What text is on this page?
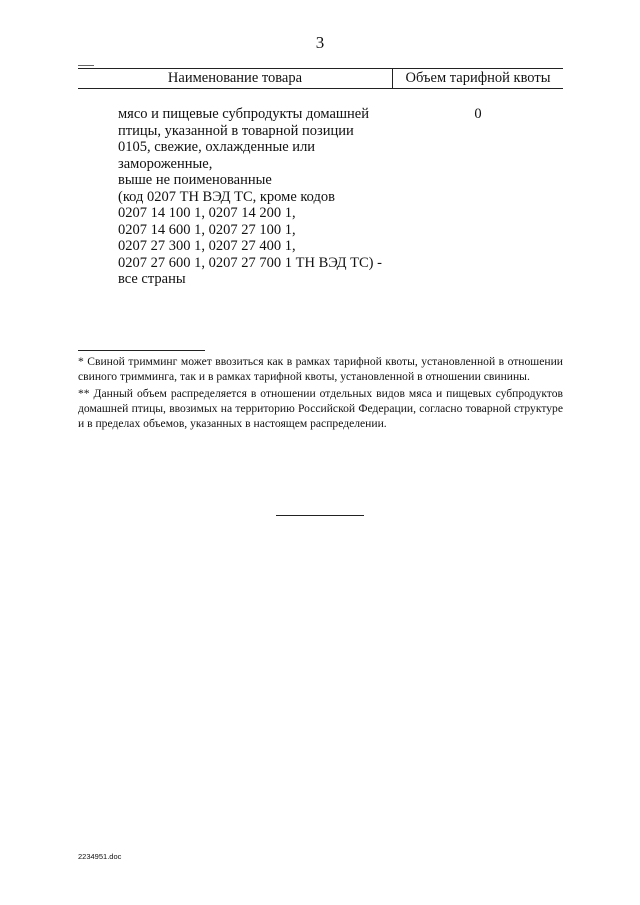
3
Наименование товара	Объем тарифной квоты
мясо и пищевые субпродукты домашней
птицы, указанной в товарной позиции
0105, свежие, охлажденные или
замороженные,
выше не поименованные
(код 0207 ТН ВЭД ТС, кроме кодов
0207 14 100 1, 0207 14 200 1,
0207 14 600 1, 0207 27 100 1,
0207 27 300 1, 0207 27 400 1,
0207 27 600 1, 0207 27 700 1 ТН ВЭД ТС) -
все страны
0

* Свиной тримминг может ввозиться как в рамках тарифной квоты, установленной в отношении свиного тримминга, так и в рамках тарифной квоты, установленной в отношении свинины.

** Данный объем распределяется в отношении отдельных видов мяса и пищевых субпродуктов домашней птицы, ввозимых на территорию Российской Федерации, согласно товарной структуре и в пределах объемов, указанных в настоящем распределении.

2234951.doc
